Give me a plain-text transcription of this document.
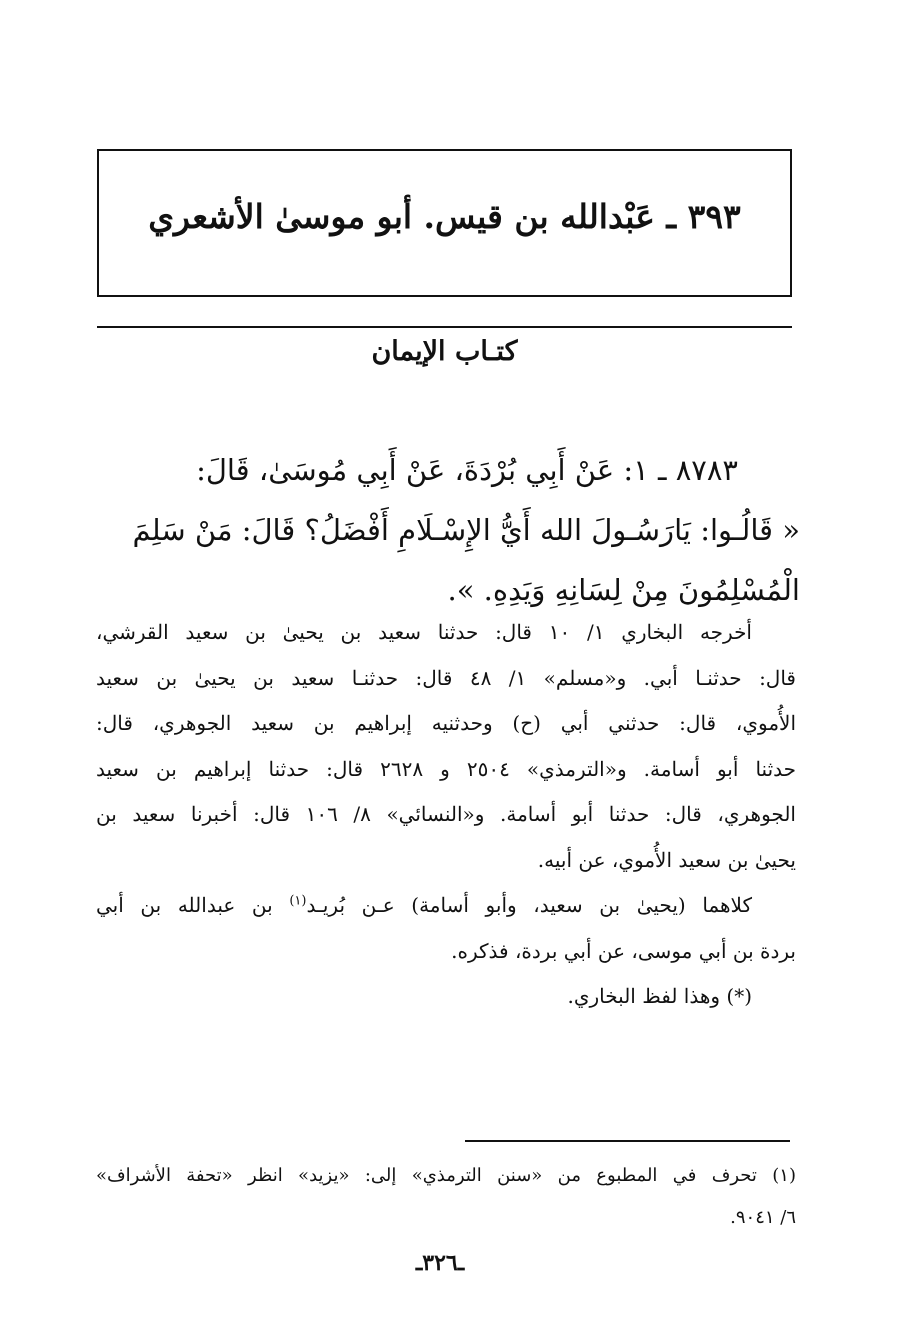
٣٩٣ ـ عَبْدالله بن قيس. أبو موسىٰ الأشعري
كتـاب الإيمان
٨٧٨٣ ـ ١: عَنْ أَبِي بُرْدَةَ، عَنْ أَبِي مُوسَىٰ، قَالَ:
« قَالُـوا: يَارَسُـولَ الله أَيُّ الإِسْـلَامِ أَفْضَلُ؟ قَالَ: مَنْ سَلِمَ
الْمُسْلِمُونَ مِنْ لِسَانِهِ وَيَدِهِ. ».
أخرجه البخاري ١/ ١٠ قال: حدثنا سعيد بن يحيىٰ بن سعيد القرشي،
قال: حدثنـا أبي. و«مسلم» ١/ ٤٨ قال: حدثنـا سعيد بن يحيىٰ بن سعيد
الأُموي، قال: حدثني أبي (ح) وحدثنيه إبراهيم بن سعيد الجوهري، قال:
حدثنا أبو أسامة. و«الترمذي» ٢٥٠٤ و ٢٦٢٨ قال: حدثنا إبراهيم بن سعيد
الجوهري، قال: حدثنا أبو أسامة. و«النسائي» ٨/ ١٠٦ قال: أخبرنا سعيد بن
يحيىٰ بن سعيد الأُموي، عن أبيه.
كلاهما (يحيىٰ بن سعيد، وأبو أسامة) عـن بُريـد$^{(١)}$ بن عبدالله بن أبي
بردة بن أبي موسى، عن أبي بردة، فذكره.
(*) وهذا لفظ البخاري.
(١) تحرف في المطبوع من «سنن الترمذي» إلى: «يزيد» انظر «تحفة الأشراف»
٦/ ٩٠٤١.
ـ٣٢٦ـ
